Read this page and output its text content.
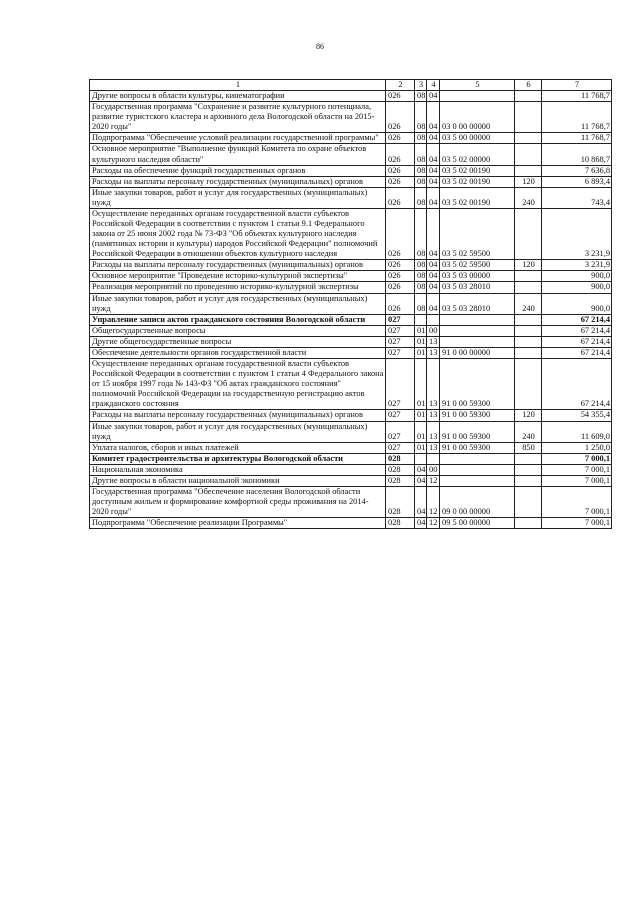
86
1	2	3	4	5	6	7
Другие вопросы в области культуры, кинематографии	026	08	04			11 768,7
Государственная программа "Сохранение и развитие культурного потенциала, развитие туристского кластера и архивного дела Вологодской области на 2015-2020 годы"	026	08	04	03 0 00 00000		11 768,7
Подпрограмма "Обеспечение условий реализации государственной программы"	026	08	04	03 5 00 00000		11 768,7
Основное мероприятие "Выполнение функций Комитета по охране объектов культурного наследия области"	026	08	04	03 5 02 00000		10 868,7
Расходы на обеспечение функций государственных органов	026	08	04	03 5 02 00190		7 636,8
Расходы на выплаты персоналу государственных (муниципальных) органов	026	08	04	03 5 02 00190	120	6 893,4
Иные закупки товаров, работ и услуг для государственных (муниципальных) нужд	026	08	04	03 5 02 00190	240	743,4
Осуществление переданных органам государственной власти субъектов Российской Федерации в соответствии с пунктом 1 статьи 9.1 Федерального закона от 25 июня 2002 года № 73-ФЗ "Об объектах культурного наследия (памятниках истории и культуры) народов Российской Федерации" полномочий Российской Федерации в отношении объектов культурного наследия	026	08	04	03 5 02 59500		3 231,9
Расходы на выплаты персоналу государственных (муниципальных) органов	026	08	04	03 5 02 59500	120	3 231,9
Основное мероприятие "Проведение историко-культурной экспертизы"	026	08	04	03 5 03 00000		900,0
Реализация мероприятий по проведению историко-культурной экспертизы	026	08	04	03 5 03 28010		900,0
Иные закупки товаров, работ и услуг для государственных (муниципальных) нужд	026	08	04	03 5 03 28010	240	900,0
Управление записи актов гражданского состояния Вологодской области	027					67 214,4
Общегосударственные вопросы	027	01	00			67 214,4
Другие общегосударственные вопросы	027	01	13			67 214,4
Обеспечение деятельности органов государственной власти	027	01	13	91 0 00 00000		67 214,4
Осуществление переданных органам государственной власти субъектов Российской Федерации в соответствии с пунктом 1 статьи 4 Федерального закона от 15 ноября 1997 года № 143-ФЗ "Об актах гражданского состояния" полномочий Российской Федерации на государственную регистрацию актов гражданского состояния	027	01	13	91 0 00 59300		67 214,4
Расходы на выплаты персоналу государственных (муниципальных) органов	027	01	13	91 0 00 59300	120	54 355,4
Иные закупки товаров, работ и услуг для государственных (муниципальных) нужд	027	01	13	91 0 00 59300	240	11 609,0
Уплата налогов, сборов и иных платежей	027	01	13	91 0 00 59300	850	1 250,0
Комитет градостроительства и архитектуры Вологодской области	028					7 000,1
Национальная экономика	028	04	00			7 000,1
Другие вопросы в области национальной экономики	028	04	12			7 000,1
Государственная программа "Обеспечение населения Вологодской области доступным жильем и формирование комфортной среды проживания на 2014-2020 годы"	028	04	12	09 0 00 00000		7 000,1
Подпрограмма "Обеспечение реализации Программы"	028	04	12	09 5 00 00000		7 000,1
